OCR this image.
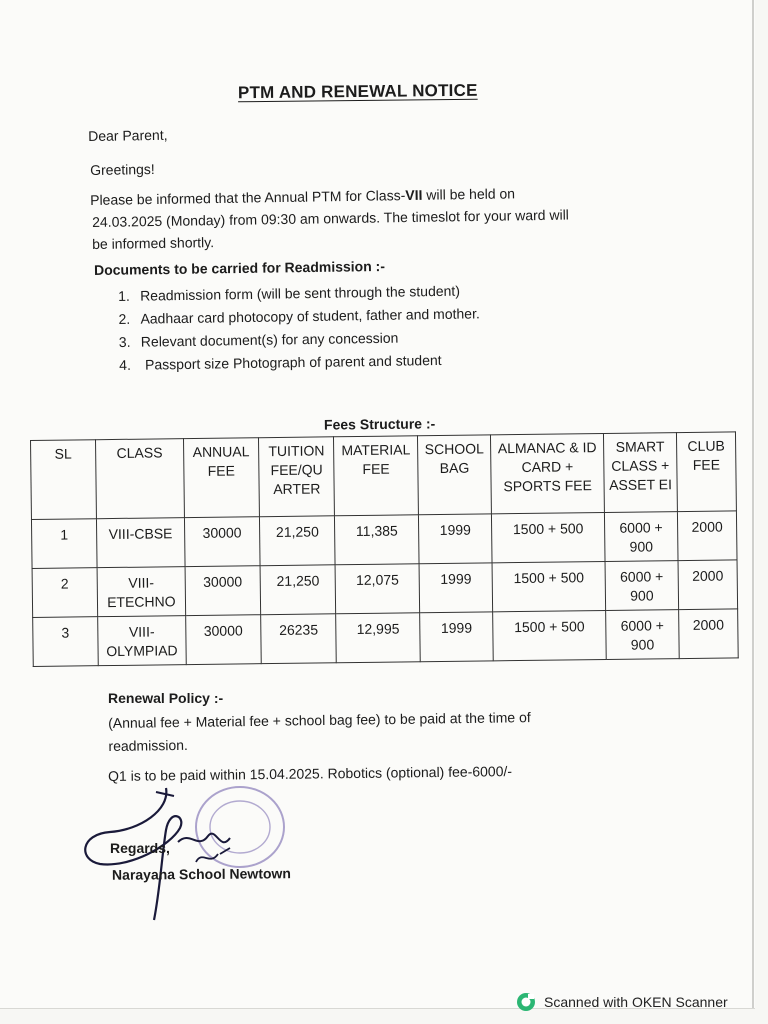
PTM AND RENEWAL NOTICE
Dear Parent,
Greetings!
Please be informed that the Annual PTM for Class-VII will be held on
24.03.2025 (Monday) from 09:30 am onwards. The timeslot for your ward will
be informed shortly.
Documents to be carried for Readmission :-
1. Readmission form (will be sent through the student)
2. Aadhaar card photocopy of student, father and mother.
3. Relevant document(s) for any concession
4. Passport size Photograph of parent and student
Fees Structure :-
SL	CLASS	ANNUAL FEE	TUITION FEE/QU ARTER	MATERIAL FEE	SCHOOL BAG	ALMANAC & ID CARD + SPORTS FEE	SMART CLASS + ASSET EI	CLUB FEE
1	VIII-CBSE	30000	21,250	11,385	1999	1500 + 500	6000 + 900	2000
2	VIII-ETECHNO	30000	21,250	12,075	1999	1500 + 500	6000 + 900	2000
3	VIII-OLYMPIAD	30000	26235	12,995	1999	1500 + 500	6000 + 900	2000
Renewal Policy :-
(Annual fee + Material fee + school bag fee) to be paid at the time of
readmission.
Q1 is to be paid within 15.04.2025. Robotics (optional) fee-6000/-
Regards,
Narayana School Newtown
Scanned with OKEN Scanner
